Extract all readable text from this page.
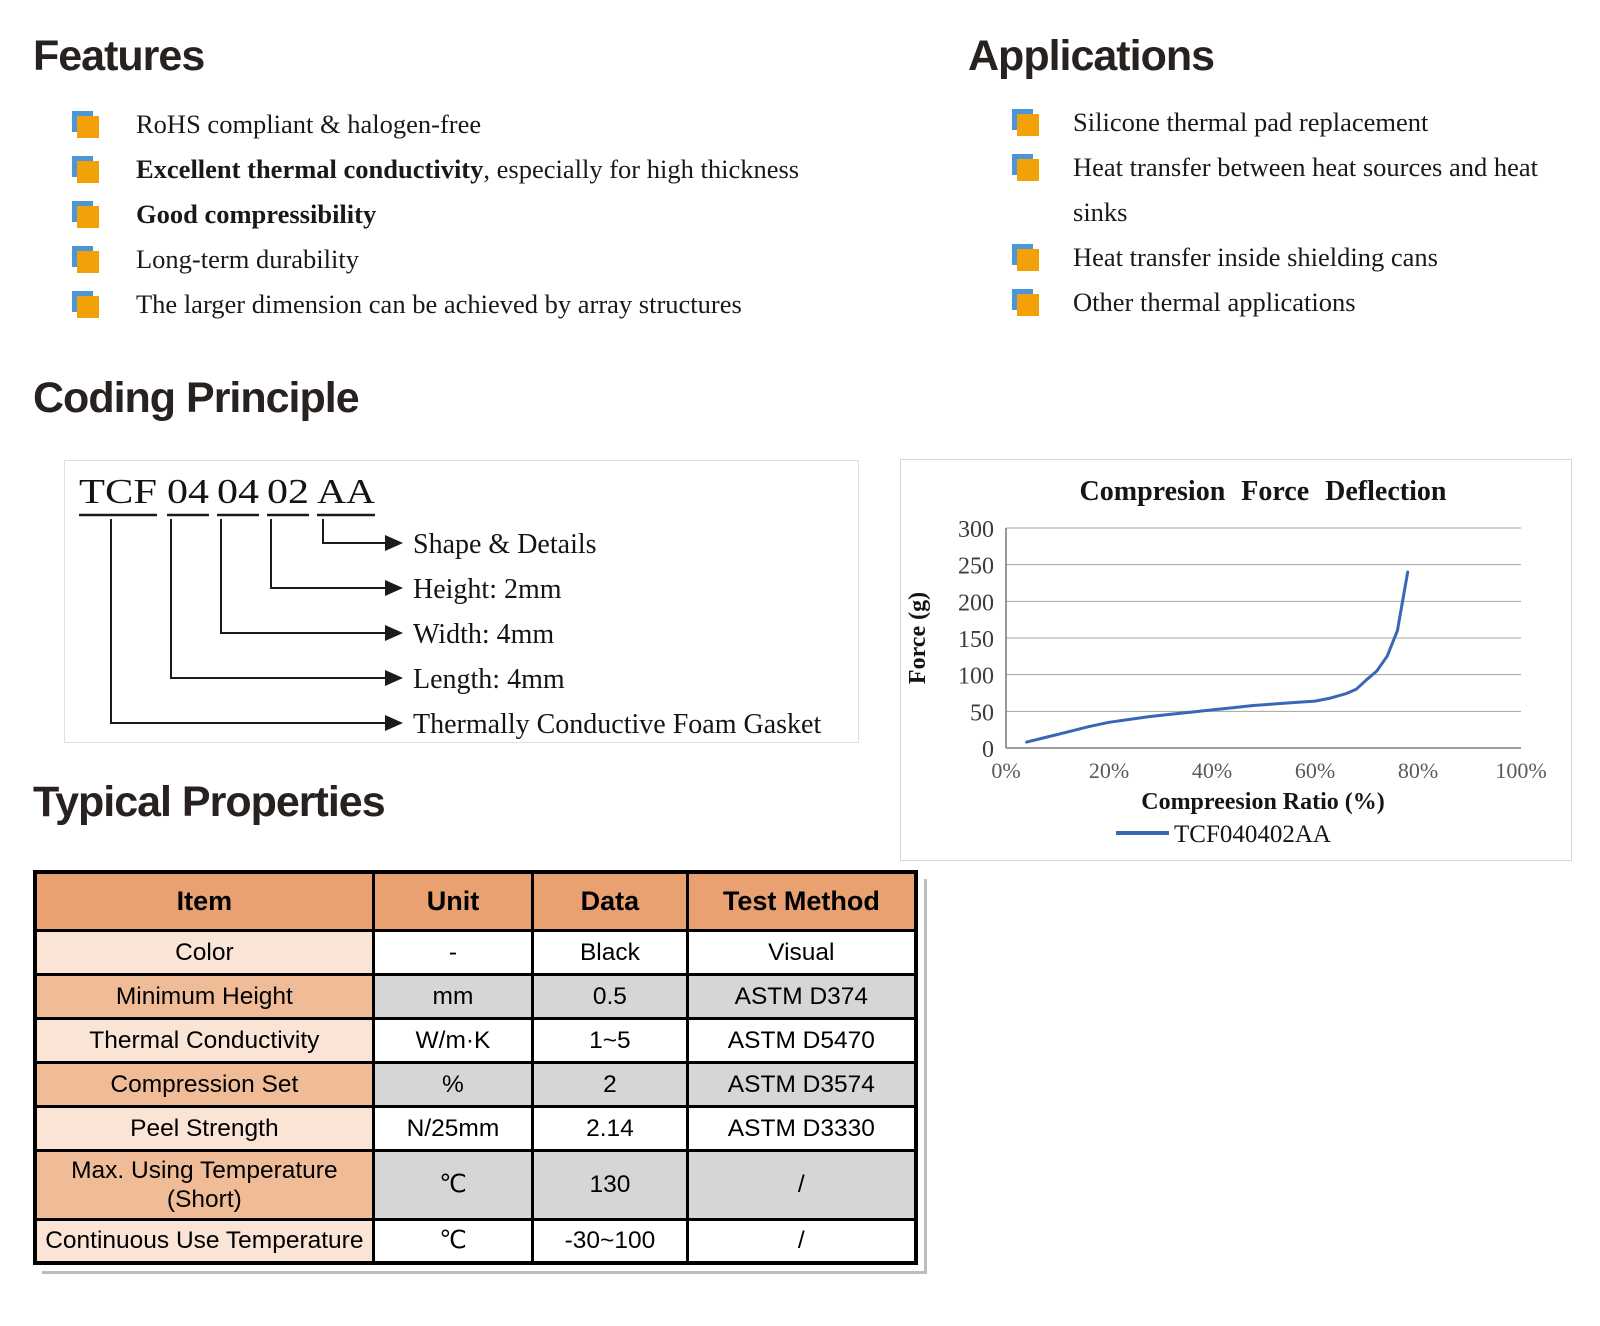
Features
RoHS compliant & halogen-free
Excellent thermal conductivity, especially for high thickness
Good compressibility
Long-term durability
The larger dimension can be achieved by array structures
Applications
Silicone thermal pad replacement
Heat transfer between heat sources and heat sinks
Heat transfer inside shielding cans
Other thermal applications
Coding Principle
TCF 04 04 02 AA
Shape & Details
Height: 2mm
Width: 4mm
Length: 4mm
Thermally Conductive Foam Gasket
Compresion Force Deflection
Force (g)
Compreesion Ratio (%)
300
250
200
150
100
50
0
0%	20%	40%	60%	80%	100%
TCF040402AA
Typical Properties
Item	Unit	Data	Test Method
Color	-	Black	Visual
Minimum Height	mm	0.5	ASTM D374
Thermal Conductivity	W/m·K	1~5	ASTM D5470
Compression Set	%	2	ASTM D3574
Peel Strength	N/25mm	2.14	ASTM D3330
Max. Using Temperature (Short)	℃	130	/
Continuous Use Temperature	℃	-30~100	/
